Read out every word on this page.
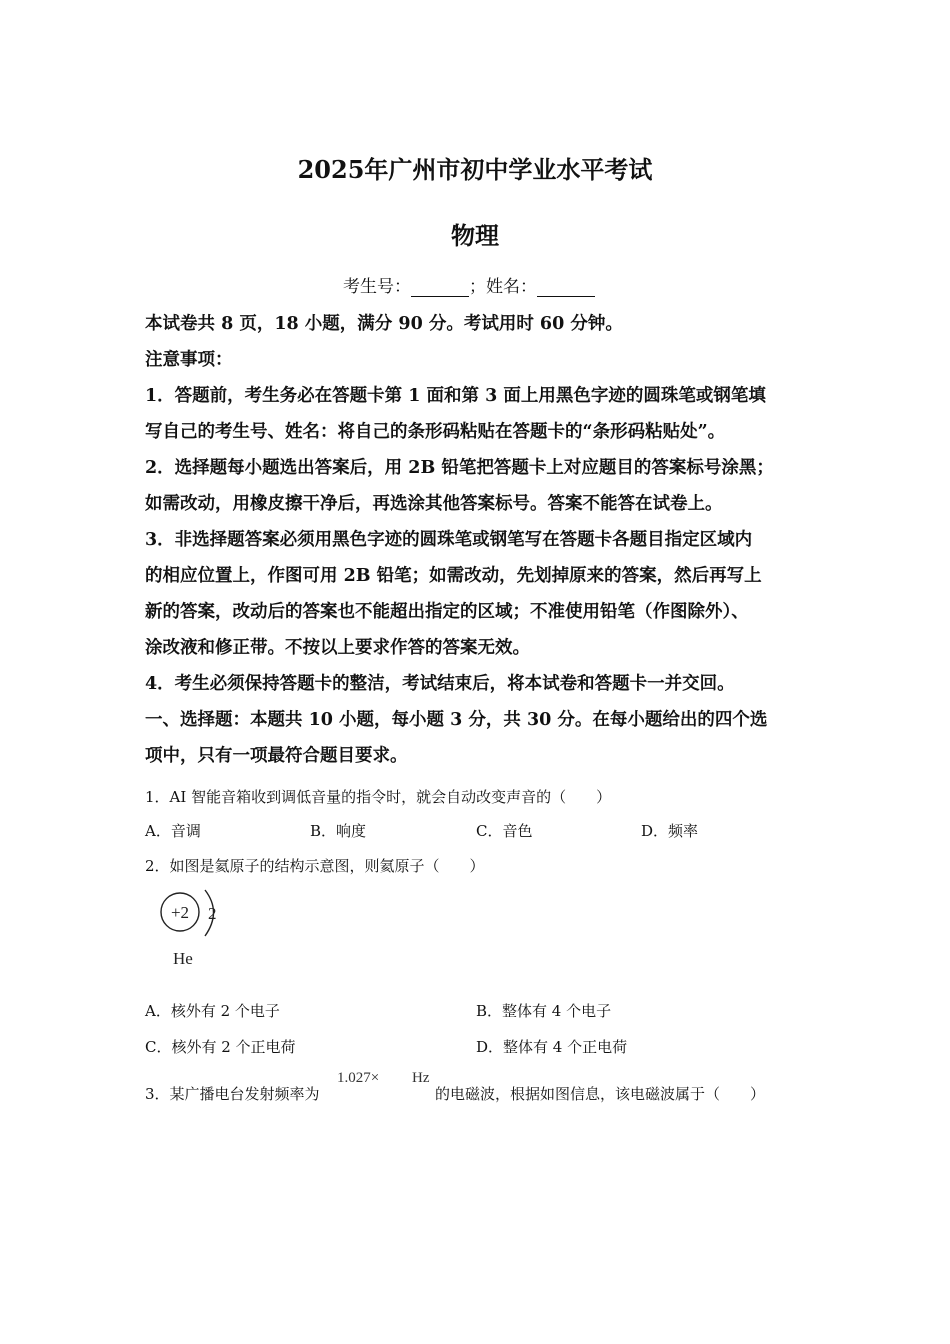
2025年广州市初中学业水平考试
物理
考生号：	；姓名：
本试卷共 8 页，18 小题，满分 90 分。考试用时 60 分钟。
注意事项：
1．答题前，考生务必在答题卡第 1 面和第 3 面上用黑色字迹的圆珠笔或钢笔填
写自己的考生号、姓名：将自己的条形码粘贴在答题卡的“条形码粘贴处”。
2．选择题每小题选出答案后，用 2B 铅笔把答题卡上对应题目的答案标号涂黑；
如需改动，用橡皮擦干净后，再选涂其他答案标号。答案不能答在试卷上。
3．非选择题答案必须用黑色字迹的圆珠笔或钢笔写在答题卡各题目指定区域内
的相应位置上，作图可用 2B 铅笔；如需改动，先划掉原来的答案，然后再写上
新的答案，改动后的答案也不能超出指定的区域；不准使用铅笔（作图除外）、
涂改液和修正带。不按以上要求作答的答案无效。
4．考生必须保持答题卡的整洁，考试结束后，将本试卷和答题卡一并交回。
一、选择题：本题共 10 小题，每小题 3 分，共 30 分。在每小题给出的四个选
项中，只有一项最符合题目要求。
1．AI 智能音箱收到调低音量的指令时，就会自动改变声音的（　　）
A．音调	B．响度	C．音色	D．频率
2．如图是氦原子的结构示意图，则氦原子（　　）
+2 2
He
A．核外有 2 个电子	B．整体有 4 个电子
C．核外有 2 个正电荷	D．整体有 4 个正电荷
3．某广播电台发射频率为
1.027× Hz
的电磁波，根据如图信息，该电磁波属于（　　）
